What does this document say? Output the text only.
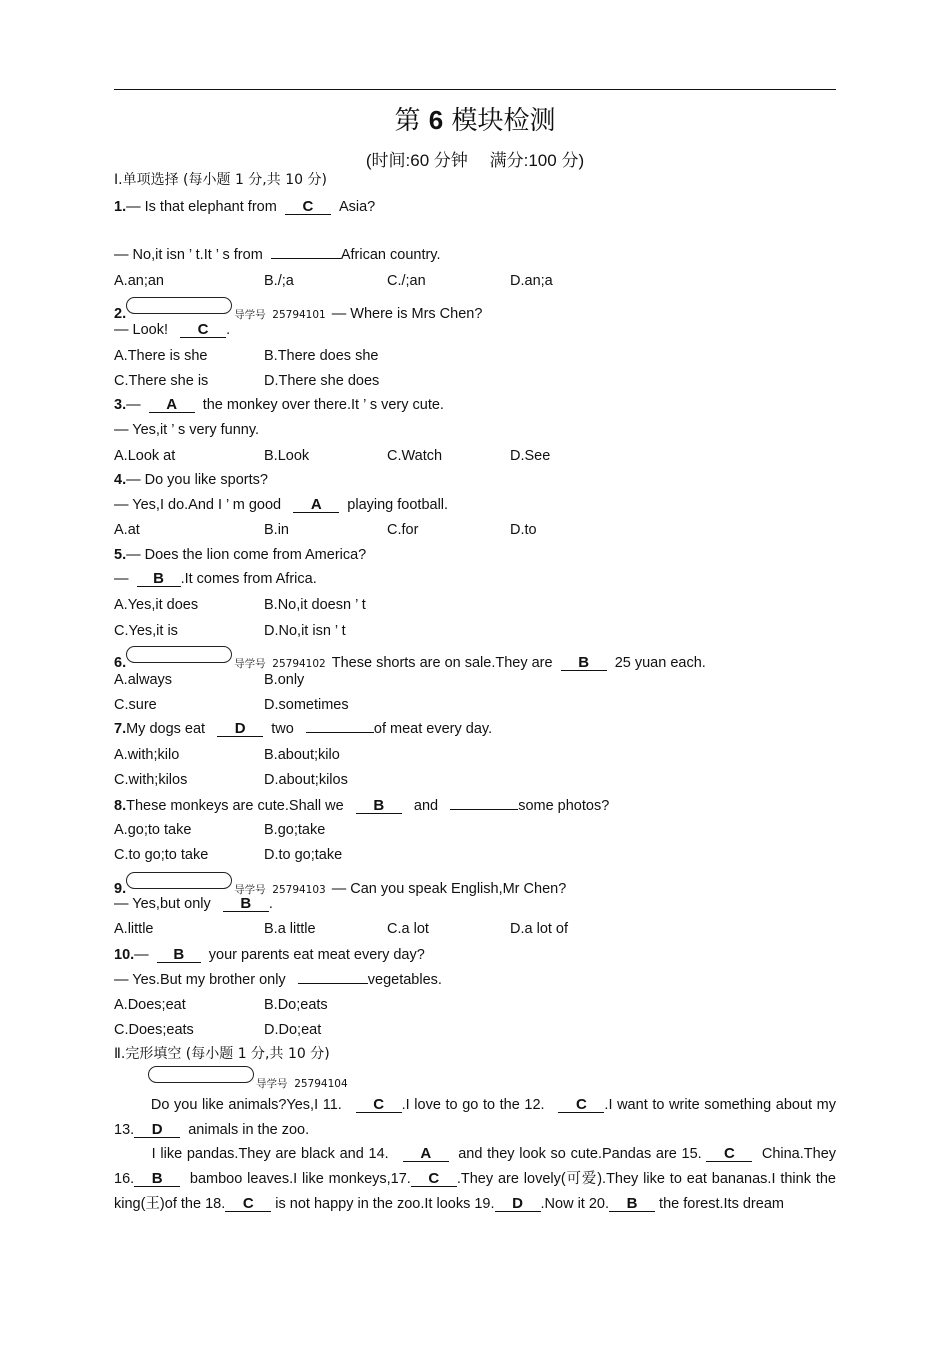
第 6 模块检测
(时间:60 分钟　 满分:100 分)
Ⅰ.单项选择 (每小题 1 分,共 10 分)
1.— Is that elephant from C Asia?
— No,it isn ’ t.It ’ s from	African country.
A.an;an	B./;a	C./;an	D.an;a
2.	导学号 25794101 — Where is Mrs Chen?
— Look! C .
A.There is she	B.There does she
C.There she is	D.There she does
3.— A the monkey over there.It ’ s very cute.
— Yes,it ’ s very funny.
A.Look at	B.Look	C.Watch	D.See
4.— Do you like sports?
— Yes,I do.And I ’ m good A playing football.
A.at	B.in	C.for	D.to
5.— Does the lion come from America?
— B .It comes from Africa.
A.Yes,it does	B.No,it doesn ’ t
C.Yes,it is	D.No,it isn ’ t
6.	导学号 25794102 These shorts are on sale.They are B 25 yuan each.
A.always	B.only
C.sure	D.sometimes
7.My dogs eat D two	of meat every day.
A.with;kilo	B.about;kilo
C.with;kilos	D.about;kilos
8.These monkeys are cute.Shall we B and	some photos?
A.go;to take	B.go;take
C.to go;to take	D.to go;take
9.	导学号 25794103 — Can you speak English,Mr Chen?
— Yes,but only B .
A.little	B.a little	C.a lot	D.a lot of
10.— B your parents eat meat every day?
— Yes.But my brother only	vegetables.
A.Does;eat	B.Do;eats
C.Does;eats	D.Do;eat
Ⅱ.完形填空 (每小题 1 分,共 10 分)
导学号 25794104
Do you like animals?Yes,I 11. C .I love to go to the 12. C .I want to write something about my 13. D animals in the zoo.
I like pandas.They are black and 14. A and they look so cute.Pandas are 15. C China.They 16. B bamboo leaves.I like monkeys,17. C .They are lovely(可爱).They like to eat bananas.I think the king(王)of the 18. C is not happy in the zoo.It looks 19. D .Now it 20. B the forest.Its dream
